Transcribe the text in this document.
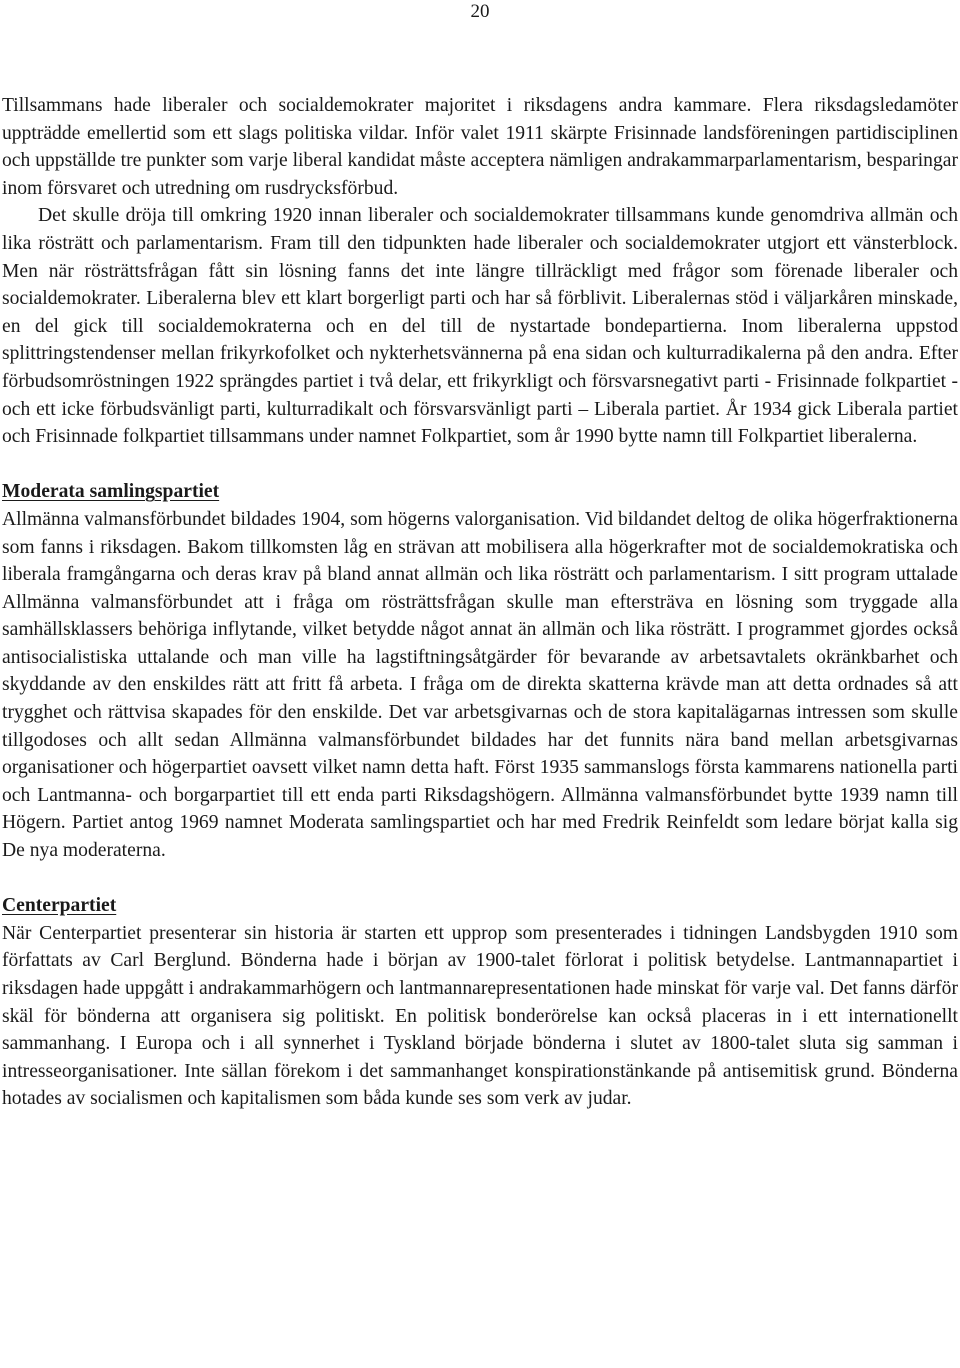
20

Tillsammans hade liberaler och socialdemokrater majoritet i riksdagens andra kammare. Flera riksdagsledamöter uppträdde emellertid som ett slags politiska vildar. Inför valet 1911 skärpte Frisinnade landsföreningen partidisciplinen och uppställde tre punkter som varje liberal kandidat måste acceptera nämligen andrakammarparlamentarism, besparingar inom försvaret och utredning om rusdrycksförbud.

Det skulle dröja till omkring 1920 innan liberaler och socialdemokrater tillsammans kunde genomdriva allmän och lika rösträtt och parlamentarism. Fram till den tidpunkten hade liberaler och socialdemokrater utgjort ett vänsterblock. Men när rösträttsfrågan fått sin lösning fanns det inte längre tillräckligt med frågor som förenade liberaler och socialdemokrater. Liberalerna blev ett klart borgerligt parti och har så förblivit. Liberalernas stöd i väljarkåren minskade, en del gick till socialdemokraterna och en del till de nystartade bondepartierna. Inom liberalerna uppstod splittringstendenser mellan frikyrkofolket och nykterhetsvännerna på ena sidan och kulturradikalerna på den andra. Efter förbudsomröstningen 1922 sprängdes partiet i två delar, ett frikyrkligt och försvarsnegativt parti - Frisinnade folkpartiet - och ett icke förbudsvänligt parti, kulturradikalt och försvarsvänligt parti – Liberala partiet. År 1934 gick Liberala partiet och Frisinnade folkpartiet tillsammans under namnet Folkpartiet, som år 1990 bytte namn till Folkpartiet liberalerna.

Moderata samlingspartiet

Allmänna valmansförbundet bildades 1904, som högerns valorganisation. Vid bildandet deltog de olika högerfraktionerna som fanns i riksdagen. Bakom tillkomsten låg en strävan att mobilisera alla högerkrafter mot de socialdemokratiska och liberala framgångarna och deras krav på bland annat allmän och lika rösträtt och parlamentarism. I sitt program uttalade Allmänna valmansförbundet att i fråga om rösträttsfrågan skulle man eftersträva en lösning som tryggade alla samhällsklassers behöriga inflytande, vilket betydde något annat än allmän och lika rösträtt. I programmet gjordes också antisocialistiska uttalande och man ville ha lagstiftningsåtgärder för bevarande av arbetsavtalets okränkbarhet och skyddande av den enskildes rätt att fritt få arbeta. I fråga om de direkta skatterna krävde man att detta ordnades så att trygghet och rättvisa skapades för den enskilde. Det var arbetsgivarnas och de stora kapitalägarnas intressen som skulle tillgodoses och allt sedan Allmänna valmansförbundet bildades har det funnits nära band mellan arbetsgivarnas organisationer och högerpartiet oavsett vilket namn detta haft. Först 1935 sammanslogs första kammarens nationella parti och Lantmanna- och borgarpartiet till ett enda parti Riksdagshögern. Allmänna valmansförbundet bytte 1939 namn till Högern. Partiet antog 1969 namnet Moderata samlingspartiet och har med Fredrik Reinfeldt som ledare börjat kalla sig De nya moderaterna.

Centerpartiet

När Centerpartiet presenterar sin historia är starten ett upprop som presenterades i tidningen Landsbygden 1910 som författats av Carl Berglund. Bönderna hade i början av 1900-talet förlorat i politisk betydelse. Lantmannapartiet i riksdagen hade uppgått i andrakammarhögern och lantmannarepresentationen hade minskat för varje val. Det fanns därför skäl för bönderna att organisera sig politiskt. En politisk bonderörelse kan också placeras in i ett internationellt sammanhang. I Europa och i all synnerhet i Tyskland började bönderna i slutet av 1800-talet sluta sig samman i intresseorganisationer. Inte sällan förekom i det sammanhanget konspirationstänkande på antisemitisk grund. Bönderna hotades av socialismen och kapitalismen som båda kunde ses som verk av judar.
